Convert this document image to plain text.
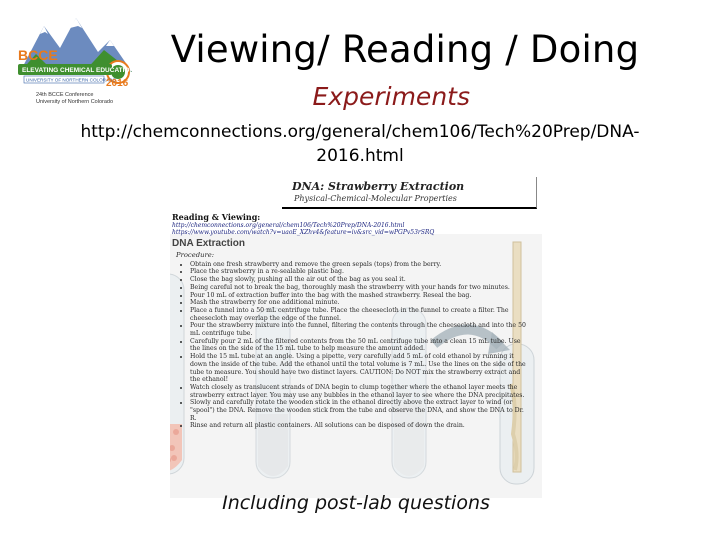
BCCE
ELEVATING CHEMICAL EDUCATION
UNIVERSITY OF NORTHERN COLORADO
2016
24th BCCE Conference
University of Northern Colorado
Viewing/ Reading / Doing
Experiments
http://chemconnections.org/general/chem106/Tech%20Prep/DNA-2016.html
DNA: Strawberry Extraction
Physical-Chemical-Molecular Properties
Reading & Viewing:
http://chemconnections.org/general/chem106/Tech%20Prep/DNA-2016.html
https://www.youtube.com/watch?v=uaoE_XZhv4&feature=iv&src_vid=wPGPv53rSRQ
DNA Extraction
Procedure:
• Obtain one fresh strawberry and remove the green sepals (tops) from the berry.
• Place the strawberry in a re-sealable plastic bag.
• Close the bag slowly, pushing all the air out of the bag as you seal it.
• Being careful not to break the bag, thoroughly mash the strawberry with your hands for two minutes.
• Pour 10 mL of extraction buffer into the bag with the mashed strawberry. Reseal the bag.
• Mash the strawberry for one additional minute.
• Place a funnel into a 50 mL centrifuge tube. Place the cheesecloth in the funnel to create a filter. The cheesecloth may overlap the edge of the funnel.
• Pour the strawberry mixture into the funnel, filtering the contents through the cheesecloth and into the 50 mL centrifuge tube.
• Carefully pour 2 mL of the filtered contents from the 50 mL centrifuge tube into a clean 15 mL tube. Use the lines on the side of the 15 mL tube to help measure the amount added.
• Hold the 15 mL tube at an angle. Using a pipette, very carefully add 5 mL of cold ethanol by running it down the inside of the tube. Add the ethanol until the total volume is 7 mL. Use the lines on the side of the tube to measure. You should have two distinct layers. CAUTION: Do NOT mix the strawberry extract and the ethanol!
• Watch closely as translucent strands of DNA begin to clump together where the ethanol layer meets the strawberry extract layer. You may use any bubbles in the ethanol layer to see where the DNA precipitates.
• Slowly and carefully rotate the wooden stick in the ethanol directly above the extract layer to wind (or "spool") the DNA. Remove the wooden stick from the tube and observe the DNA, and show the DNA to Dr. R.
• Rinse and return all plastic containers. All solutions can be disposed of down the drain.
Including post-lab questions
